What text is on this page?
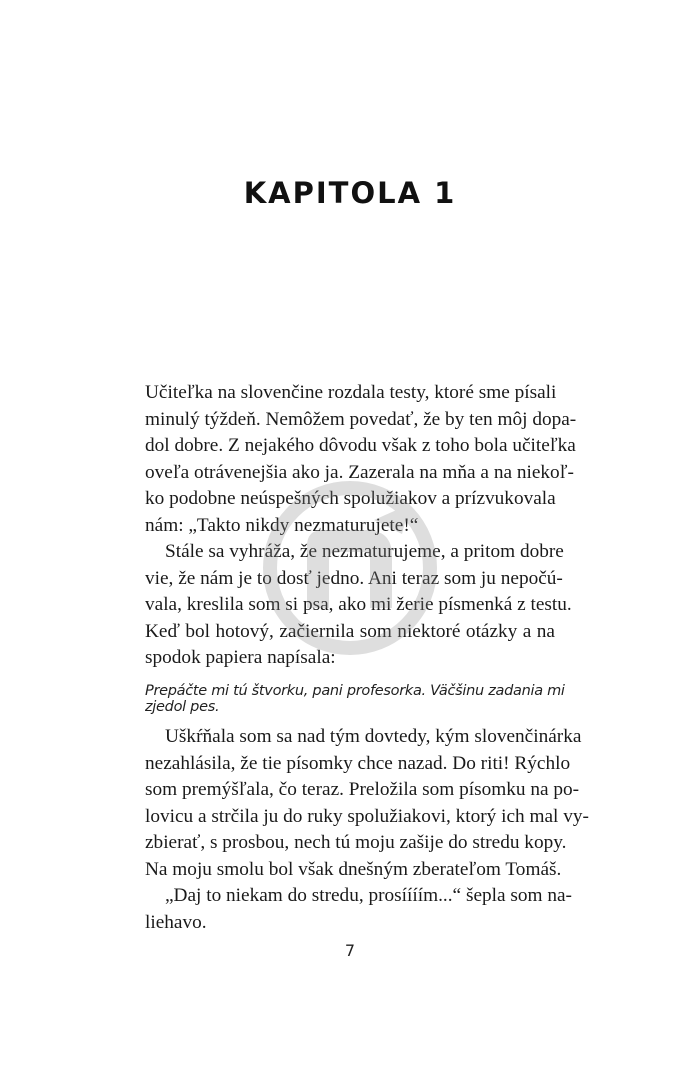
KAPITOLA 1
Učiteľka na slovenčine rozdala testy, ktoré sme písali
minulý týždeň. Nemôžem povedať, že by ten môj dopa-
dol dobre. Z nejakého dôvodu však z toho bola učiteľka
oveľa otrávenejšia ako ja. Zazerala na mňa a na niekoľ-
ko podobne neúspešných spolužiakov a prízvukovala
nám: „Takto nikdy nezmaturujete!“
Stále sa vyhráža, že nezmaturujeme, a pritom dobre
vie, že nám je to dosť jedno. Ani teraz som ju nepočú-
vala, kreslila som si psa, ako mi žerie písmenká z testu.
Keď bol hotový, začiernila som niektoré otázky a na
spodok papiera napísala:
Prepáčte mi tú štvorku, pani profesorka. Väčšinu zadania mi zjedol pes.
Uškŕňala som sa nad tým dovtedy, kým slovenčinárka
nezahlásila, že tie písomky chce nazad. Do riti! Rýchlo
som premýšľala, čo teraz. Preložila som písomku na po-
lovicu a strčila ju do ruky spolužiakovi, ktorý ich mal vy-
zbierať, s prosbou, nech tú moju zašije do stredu kopy.
Na moju smolu bol však dnešným zberateľom Tomáš.
„Daj to niekam do stredu, prosíííím...“ šepla som na-
liehavo.
7
